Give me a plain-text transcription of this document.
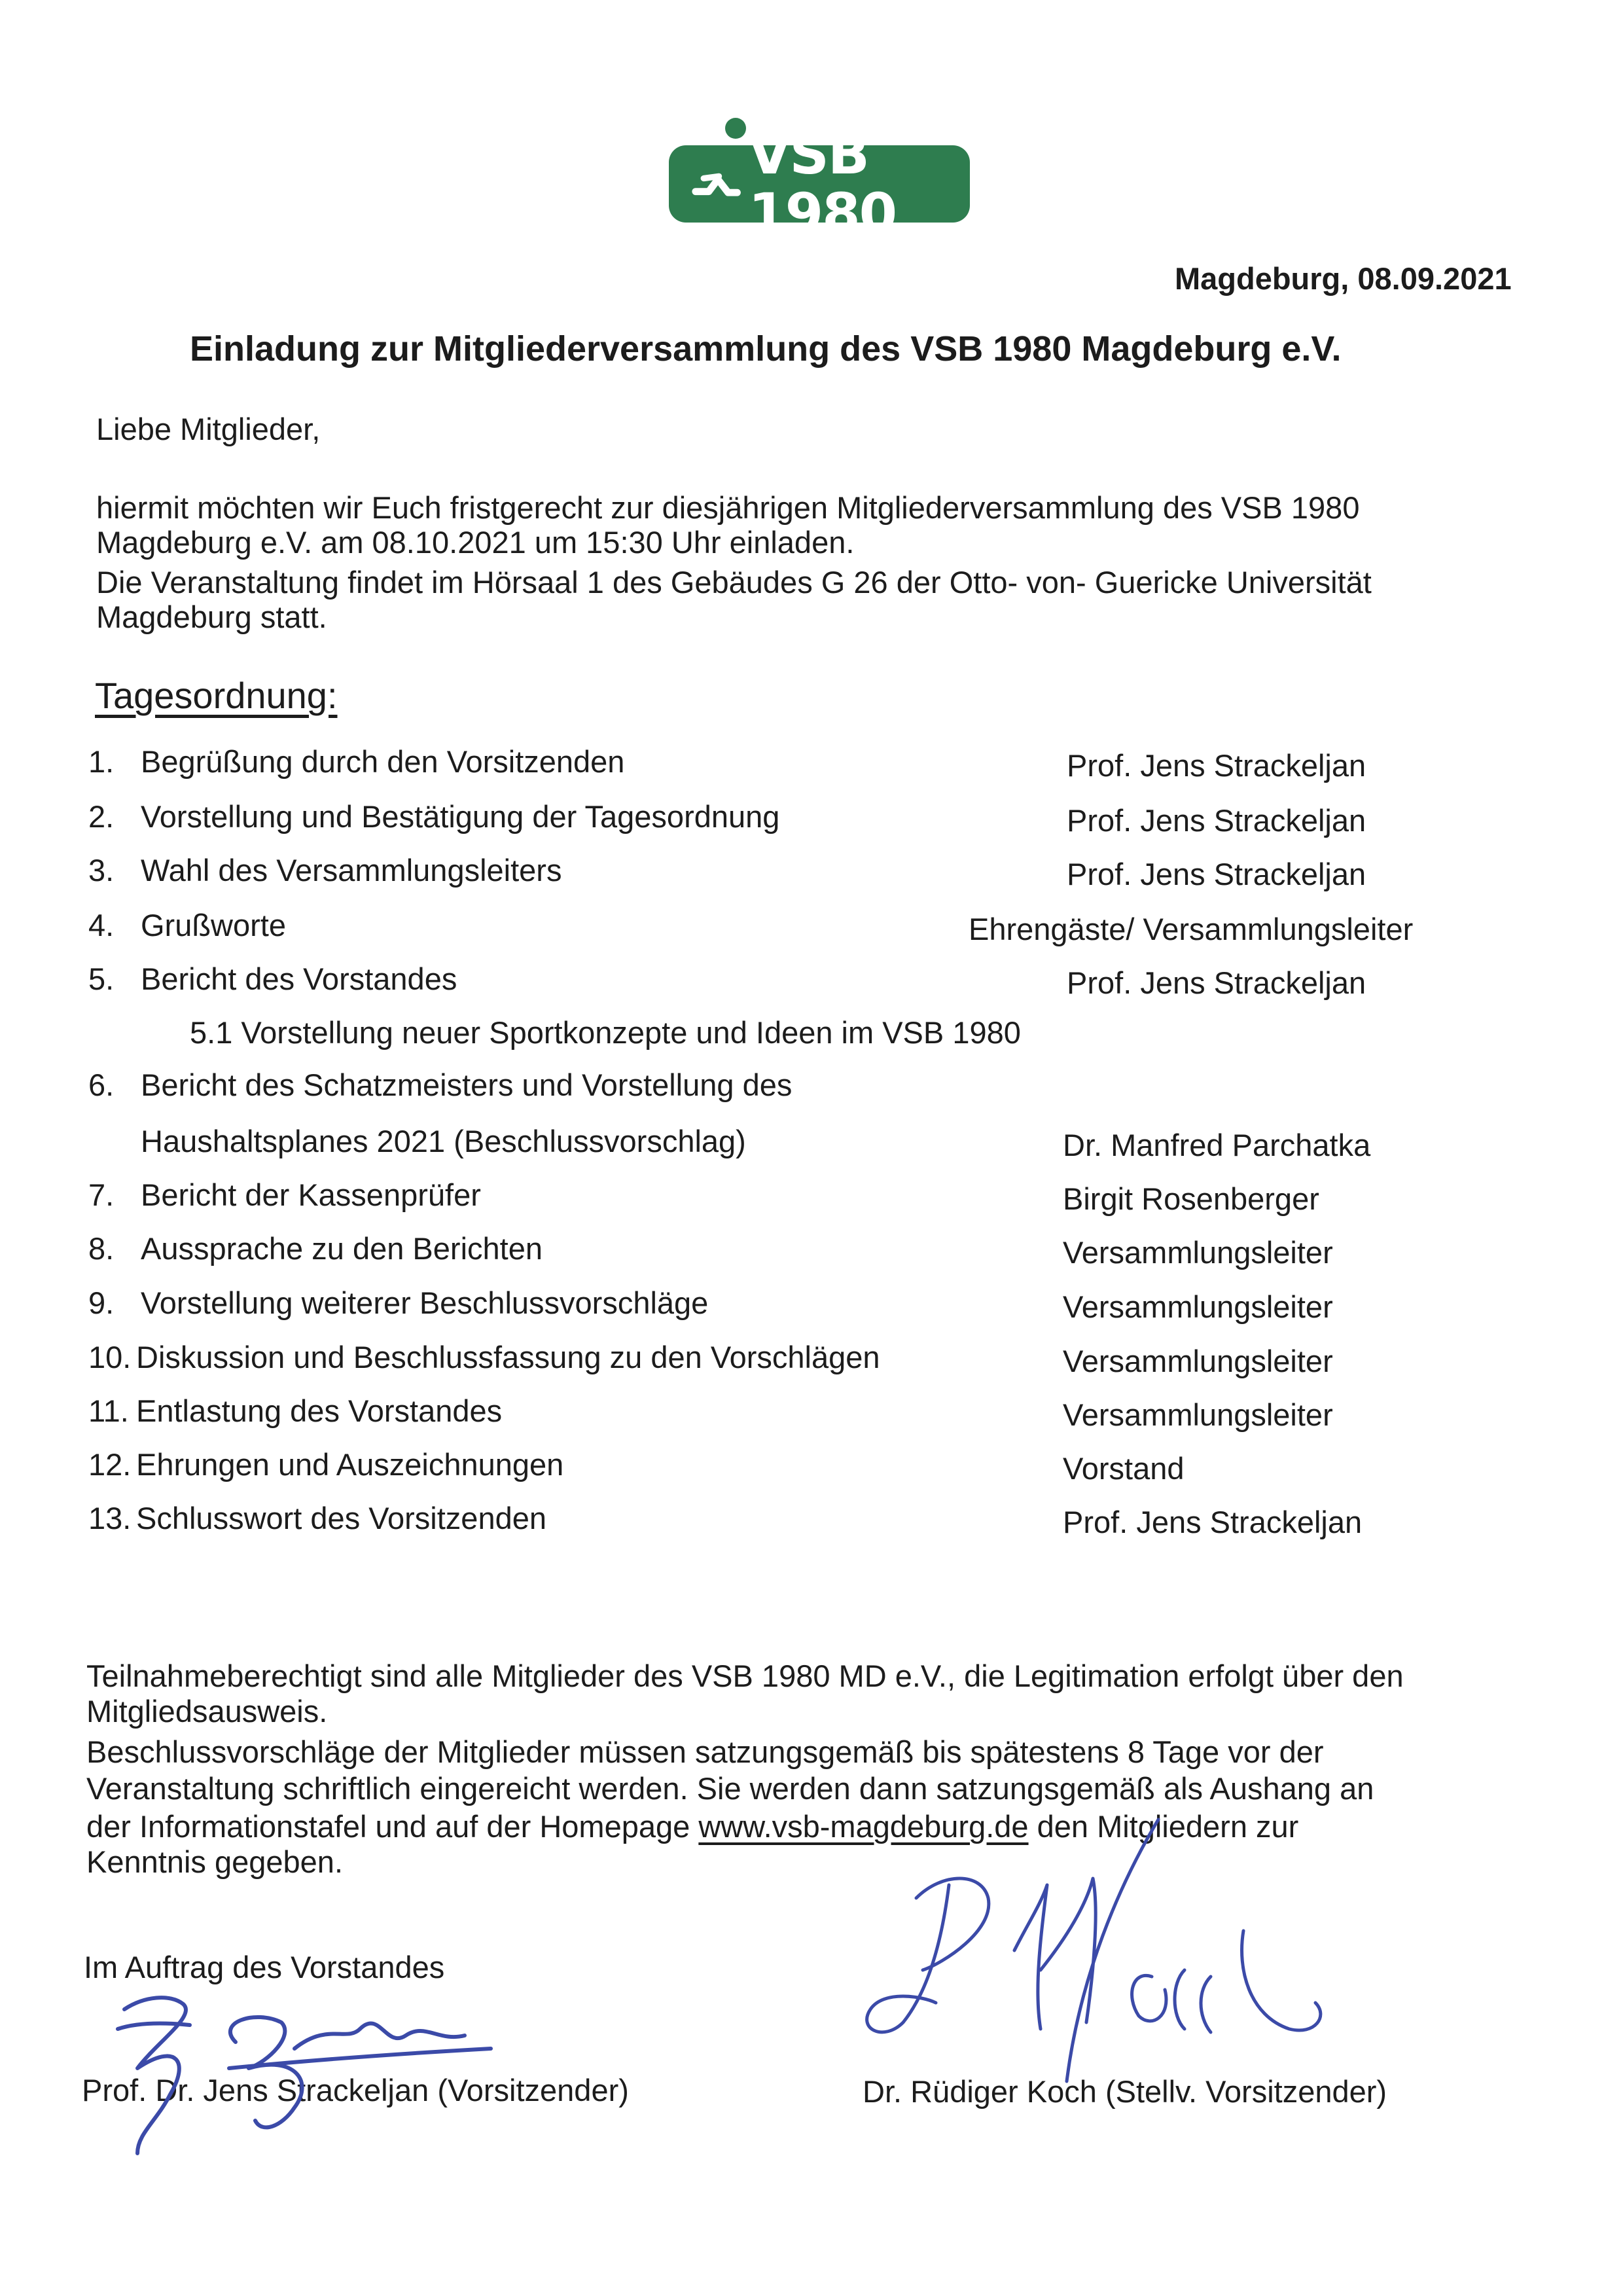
VSB 1980
Magdeburg, 08.09.2021
Einladung zur Mitgliederversammlung des VSB 1980 Magdeburg e.V.
Liebe Mitglieder,
hiermit möchten wir Euch fristgerecht zur diesjährigen Mitgliederversammlung des VSB 1980
Magdeburg e.V. am 08.10.2021 um 15:30 Uhr einladen.
Die Veranstaltung findet im Hörsaal 1 des Gebäudes G 26 der Otto- von- Guericke Universität
Magdeburg statt.
Tagesordnung:
1. Begrüßung durch den Vorsitzenden	Prof. Jens Strackeljan
2. Vorstellung und Bestätigung der Tagesordnung	Prof. Jens Strackeljan
3. Wahl des Versammlungsleiters	Prof. Jens Strackeljan
4. Grußworte	Ehrengäste/ Versammlungsleiter
5. Bericht des Vorstandes	Prof. Jens Strackeljan
5.1 Vorstellung neuer Sportkonzepte und Ideen im VSB 1980
6. Bericht des Schatzmeisters und Vorstellung des
Haushaltsplanes 2021 (Beschlussvorschlag)	Dr. Manfred Parchatka
7. Bericht der Kassenprüfer	Birgit Rosenberger
8. Aussprache zu den Berichten	Versammlungsleiter
9. Vorstellung weiterer Beschlussvorschläge	Versammlungsleiter
10. Diskussion und Beschlussfassung zu den Vorschlägen	Versammlungsleiter
11. Entlastung des Vorstandes	Versammlungsleiter
12. Ehrungen und Auszeichnungen	Vorstand
13. Schlusswort des Vorsitzenden	Prof. Jens Strackeljan
Teilnahmeberechtigt sind alle Mitglieder des VSB 1980 MD e.V., die Legitimation erfolgt über den
Mitgliedsausweis.
Beschlussvorschläge der Mitglieder müssen satzungsgemäß bis spätestens 8 Tage vor der
Veranstaltung schriftlich eingereicht werden. Sie werden dann satzungsgemäß als Aushang an
der Informationstafel und auf der Homepage www.vsb-magdeburg.de den Mitgliedern zur
Kenntnis gegeben.
Im Auftrag des Vorstandes
Prof. Dr. Jens Strackeljan (Vorsitzender)	Dr. Rüdiger Koch (Stellv. Vorsitzender)
